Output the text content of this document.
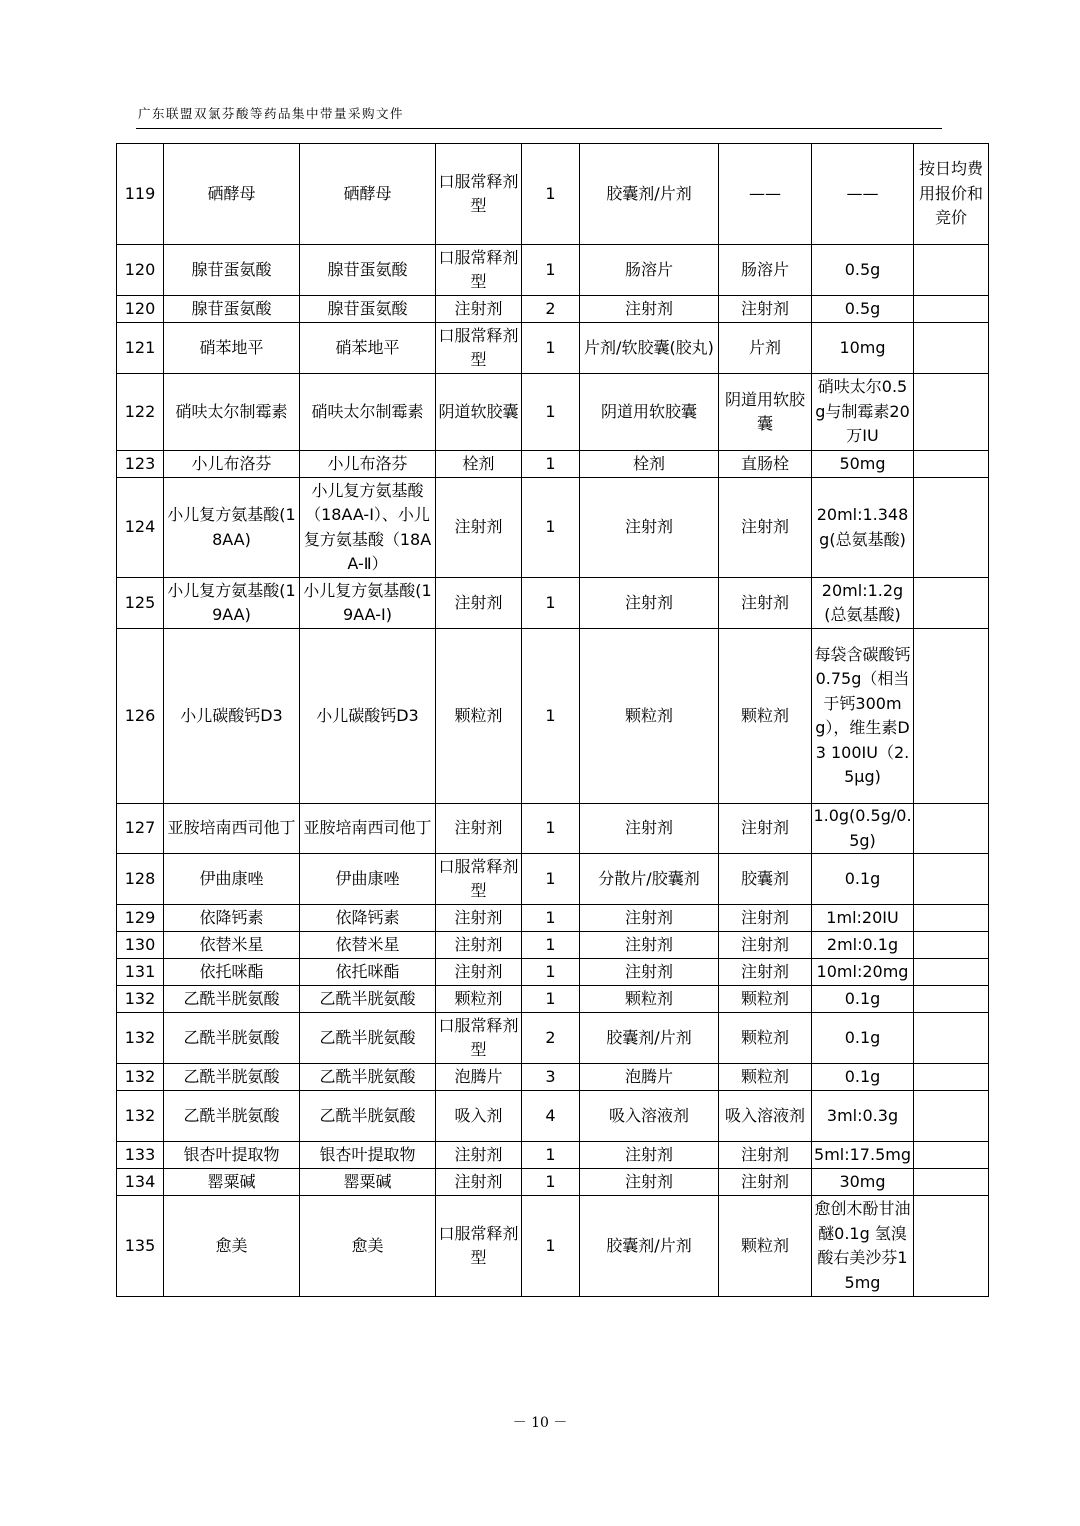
广东联盟双氯芬酸等药品集中带量采购文件
119	硒酵母	硒酵母	口服常释剂型	1	胶囊剂/片剂	——	——	按日均费用报价和竞价
120	腺苷蛋氨酸	腺苷蛋氨酸	口服常释剂型	1	肠溶片	肠溶片	0.5g	
120	腺苷蛋氨酸	腺苷蛋氨酸	注射剂	2	注射剂	注射剂	0.5g	
121	硝苯地平	硝苯地平	口服常释剂型	1	片剂/软胶囊(胶丸)	片剂	10mg	
122	硝呋太尔制霉素	硝呋太尔制霉素	阴道软胶囊	1	阴道用软胶囊	阴道用软胶囊	硝呋太尔0.5g与制霉素20万IU	
123	小儿布洛芬	小儿布洛芬	栓剂	1	栓剂	直肠栓	50mg	
124	小儿复方氨基酸(18AA)	小儿复方氨基酸（18AA-Ⅰ）、小儿复方氨基酸（18AA-Ⅱ）	注射剂	1	注射剂	注射剂	20ml:1.348g(总氨基酸)	
125	小儿复方氨基酸(19AA)	小儿复方氨基酸(19AA-Ⅰ)	注射剂	1	注射剂	注射剂	20ml:1.2g(总氨基酸)	
126	小儿碳酸钙D3	小儿碳酸钙D3	颗粒剂	1	颗粒剂	颗粒剂	每袋含碳酸钙0.75g（相当于钙300mg），维生素D3 100IU（2.5μg)	
127	亚胺培南西司他丁	亚胺培南西司他丁	注射剂	1	注射剂	注射剂	1.0g(0.5g/0.5g)	
128	伊曲康唑	伊曲康唑	口服常释剂型	1	分散片/胶囊剂	胶囊剂	0.1g	
129	依降钙素	依降钙素	注射剂	1	注射剂	注射剂	1ml:20IU	
130	依替米星	依替米星	注射剂	1	注射剂	注射剂	2ml:0.1g	
131	依托咪酯	依托咪酯	注射剂	1	注射剂	注射剂	10ml:20mg	
132	乙酰半胱氨酸	乙酰半胱氨酸	颗粒剂	1	颗粒剂	颗粒剂	0.1g	
132	乙酰半胱氨酸	乙酰半胱氨酸	口服常释剂型	2	胶囊剂/片剂	颗粒剂	0.1g	
132	乙酰半胱氨酸	乙酰半胱氨酸	泡腾片	3	泡腾片	颗粒剂	0.1g	
132	乙酰半胱氨酸	乙酰半胱氨酸	吸入剂	4	吸入溶液剂	吸入溶液剂	3ml:0.3g	
133	银杏叶提取物	银杏叶提取物	注射剂	1	注射剂	注射剂	5ml:17.5mg	
134	罂粟碱	罂粟碱	注射剂	1	注射剂	注射剂	30mg	
135	愈美	愈美	口服常释剂型	1	胶囊剂/片剂	颗粒剂	愈创木酚甘油醚0.1g 氢溴酸右美沙芬15mg	
－ 10 －
